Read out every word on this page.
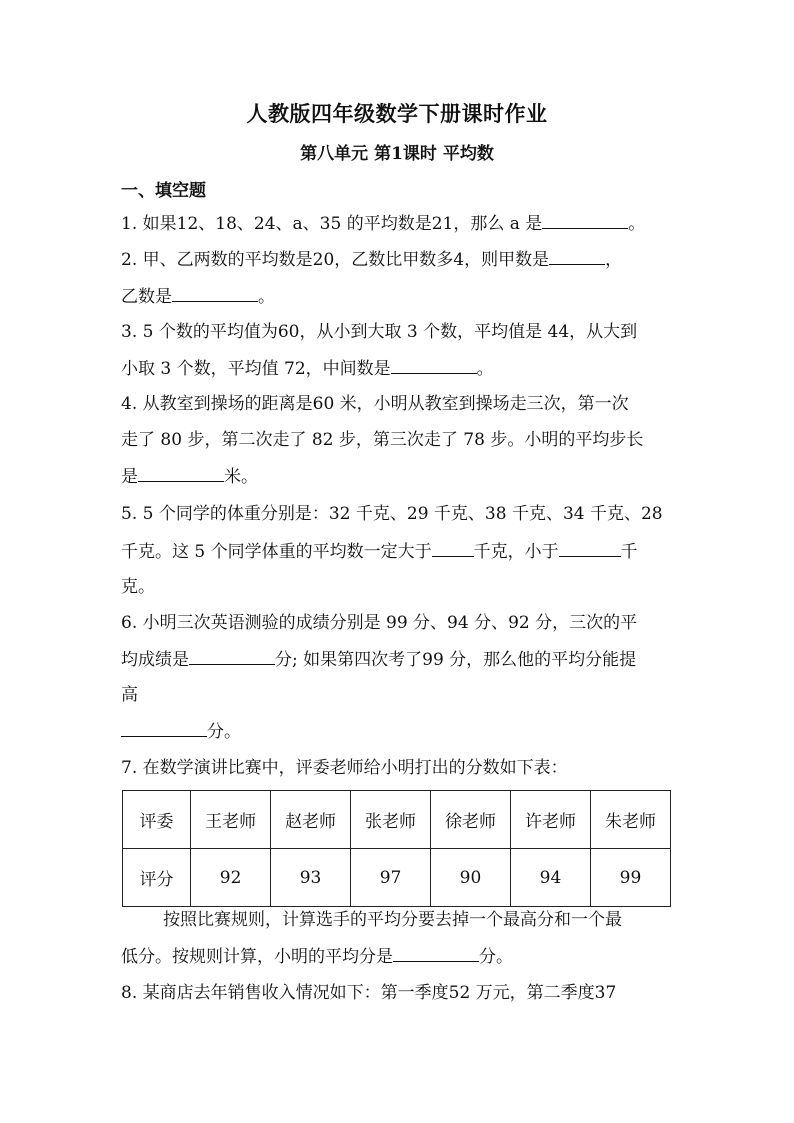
人教版四年级数学下册课时作业
第八单元 第1课时 平均数
一、填空题
1. 如果12、18、24、a、35 的平均数是21，那么 a 是	。
2. 甲、乙两数的平均数是20，乙数比甲数多4，则甲数是	，
乙数是	。
3. 5 个数的平均值为60，从小到大取 3 个数，平均值是 44，从大到
小取 3 个数，平均值 72，中间数是	。
4. 从教室到操场的距离是60 米，小明从教室到操场走三次，第一次
走了 80 步，第二次走了 82 步，第三次走了 78 步。小明的平均步长
是	米。
5. 5 个同学的体重分别是：32 千克、29 千克、38 千克、34 千克、28
千克。这 5 个同学体重的平均数一定大于 千克，小于	千
克。
6. 小明三次英语测验的成绩分别是 99 分、94 分、92 分，三次的平
均成绩是	分; 如果第四次考了99 分，那么他的平均分能提
高
分。
7. 在数学演讲比赛中，评委老师给小明打出的分数如下表：
评委	王老师	赵老师	张老师	徐老师	许老师	朱老师
评分	92	93	97	90	94	99
按照比赛规则，计算选手的平均分要去掉一个最高分和一个最
低分。按规则计算，小明的平均分是	分。
8. 某商店去年销售收入情况如下：第一季度52 万元，第二季度37
